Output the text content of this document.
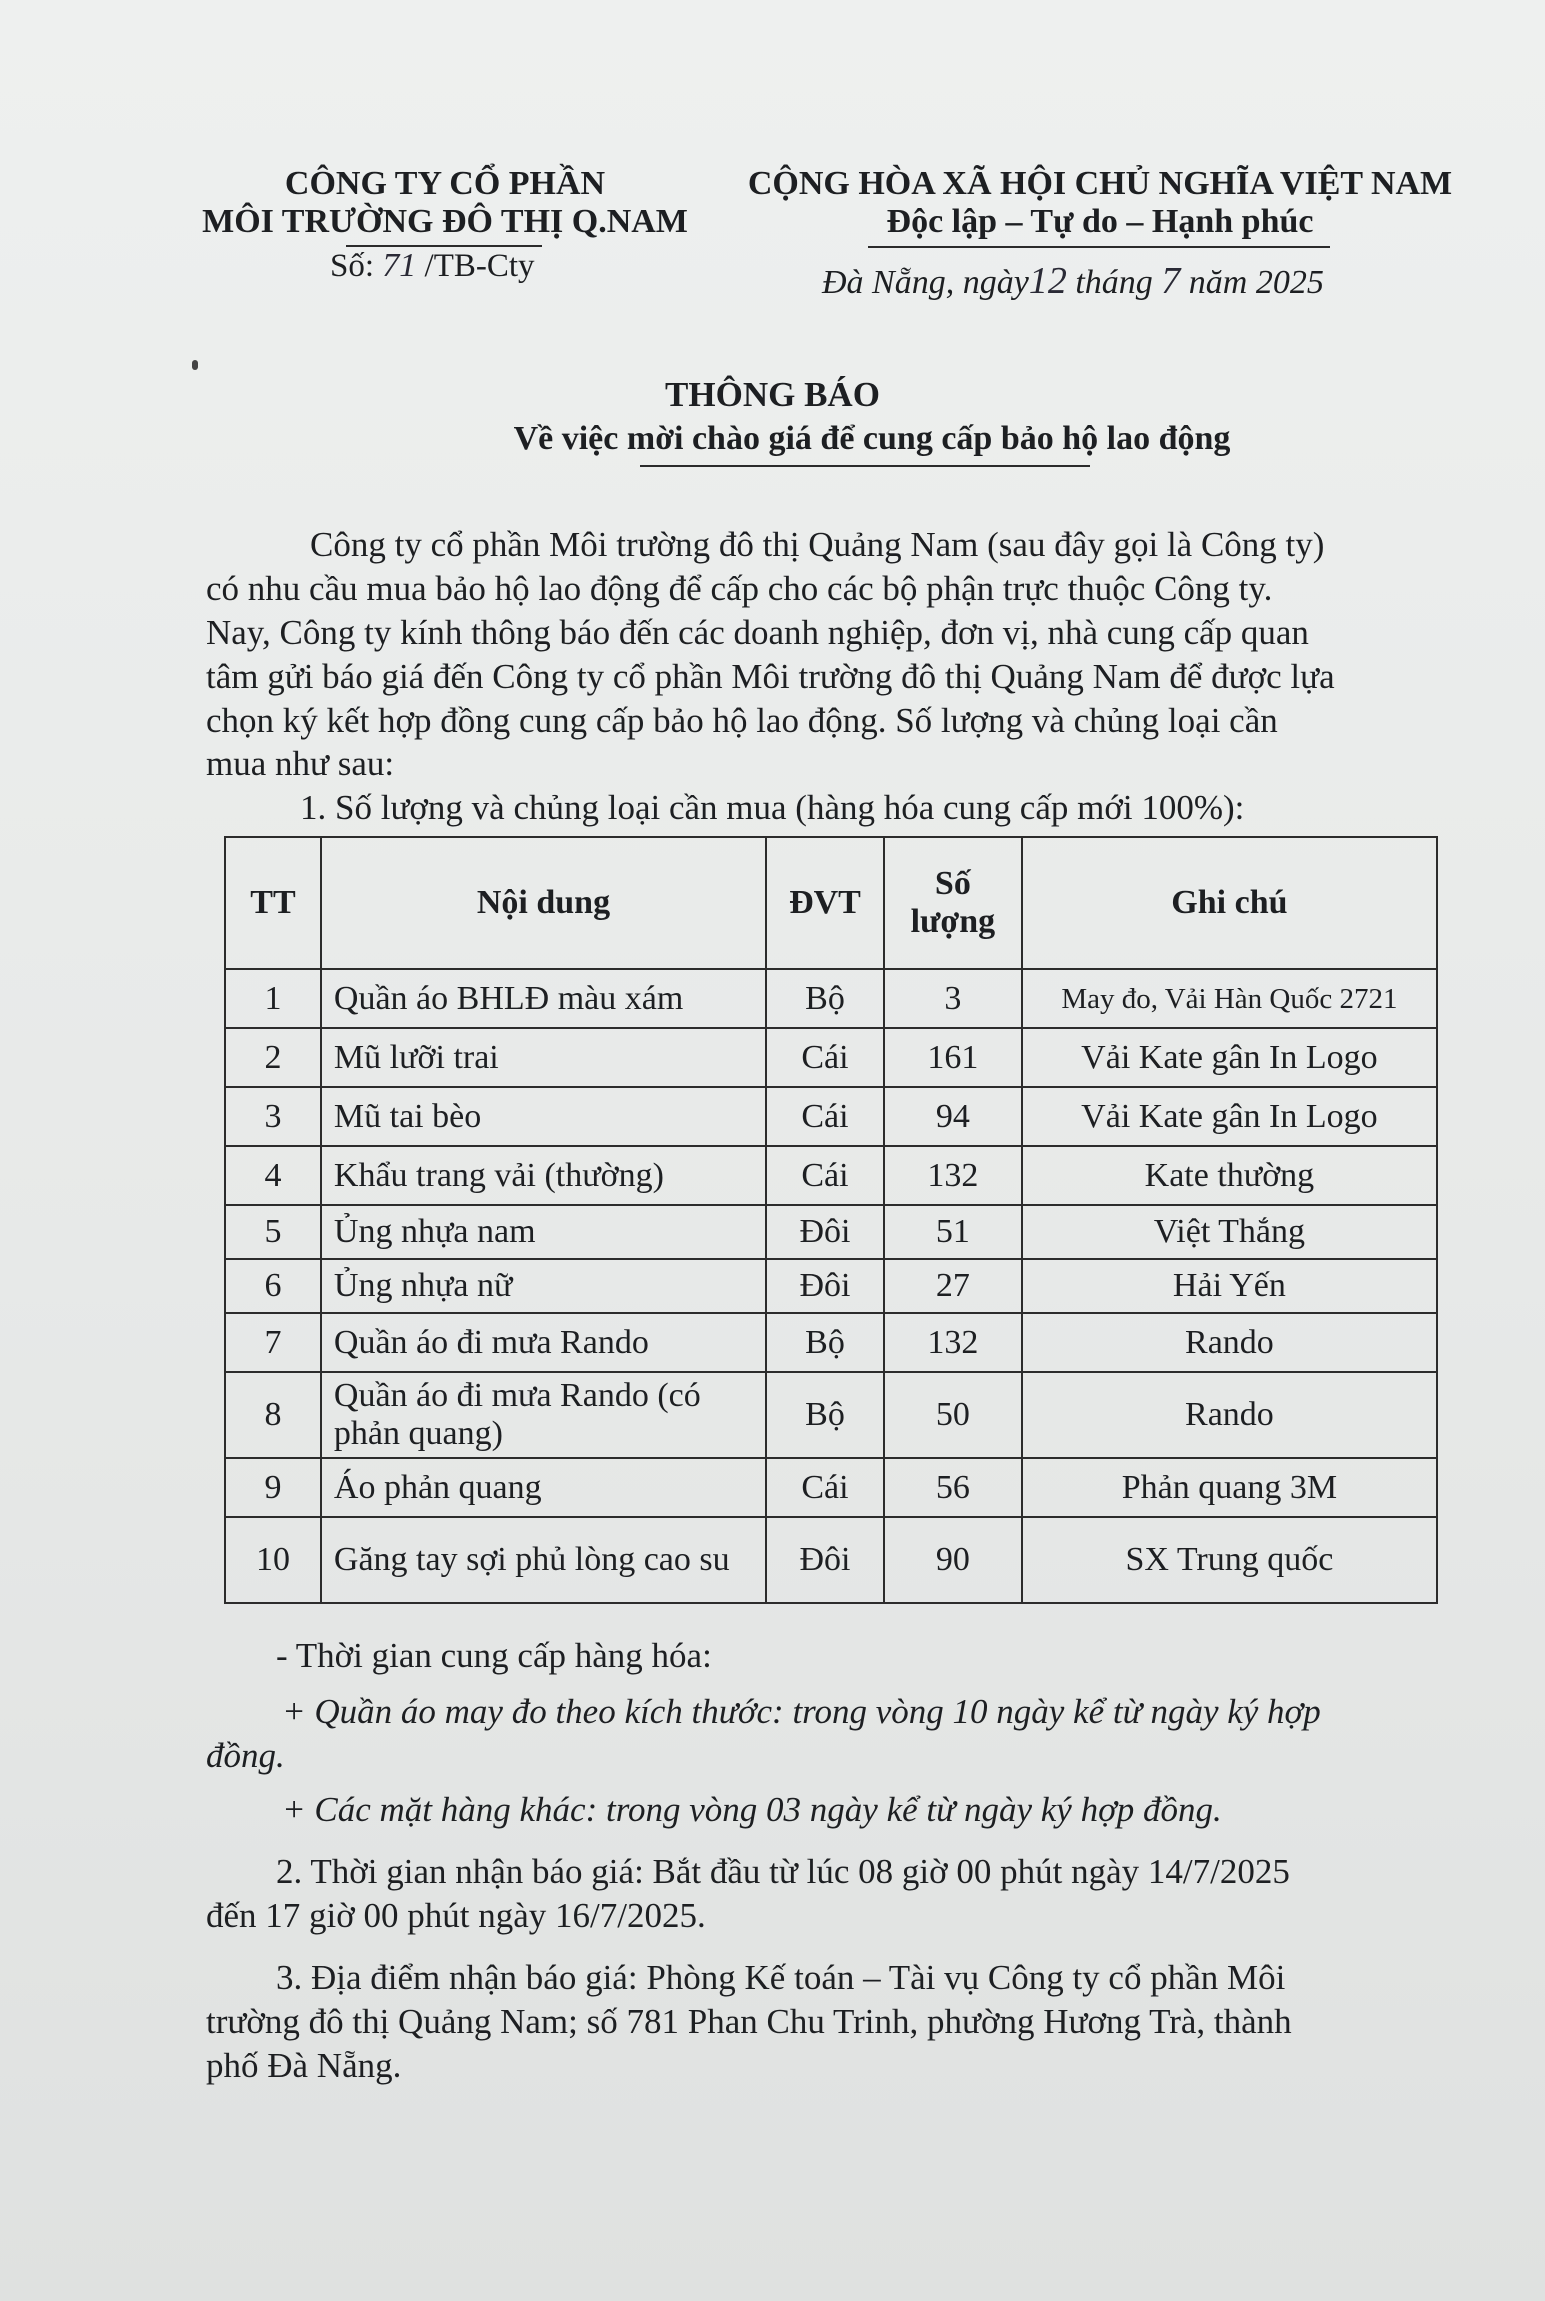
CÔNG TY CỔ PHẦN
MÔI TRƯỜNG ĐÔ THỊ Q.NAM
Số: 71 /TB-Cty
CỘNG HÒA XÃ HỘI CHỦ NGHĨA VIỆT NAM
Độc lập – Tự do – Hạnh phúc
Đà Nẵng, ngày12 tháng 7 năm 2025
THÔNG BÁO
Về việc mời chào giá để cung cấp bảo hộ lao động
Công ty cổ phần Môi trường đô thị Quảng Nam (sau đây gọi là Công ty)
có nhu cầu mua bảo hộ lao động để cấp cho các bộ phận trực thuộc Công ty.
Nay, Công ty kính thông báo đến các doanh nghiệp, đơn vị, nhà cung cấp quan
tâm gửi báo giá đến Công ty cổ phần Môi trường đô thị Quảng Nam để được lựa
chọn ký kết hợp đồng cung cấp bảo hộ lao động. Số lượng và chủng loại cần
mua như sau:
1. Số lượng và chủng loại cần mua (hàng hóa cung cấp mới 100%):
TT	Nội dung	ĐVT	Số lượng	Ghi chú
1	Quần áo BHLĐ màu xám	Bộ	3	May đo, Vải Hàn Quốc 2721
2	Mũ lưỡi trai	Cái	161	Vải Kate gân In Logo
3	Mũ tai bèo	Cái	94	Vải Kate gân In Logo
4	Khẩu trang vải (thường)	Cái	132	Kate thường
5	Ủng nhựa nam	Đôi	51	Việt Thắng
6	Ủng nhựa nữ	Đôi	27	Hải Yến
7	Quần áo đi mưa Rando	Bộ	132	Rando
8	Quần áo đi mưa Rando (có phản quang)	Bộ	50	Rando
9	Áo phản quang	Cái	56	Phản quang 3M
10	Găng tay sợi phủ lòng cao su	Đôi	90	SX Trung quốc
- Thời gian cung cấp hàng hóa:
+ Quần áo may đo theo kích thước: trong vòng 10 ngày kể từ ngày ký hợp
đồng.
+ Các mặt hàng khác: trong vòng 03 ngày kể từ ngày ký hợp đồng.
2. Thời gian nhận báo giá: Bắt đầu từ lúc 08 giờ 00 phút ngày 14/7/2025
đến 17 giờ 00 phút ngày 16/7/2025.
3. Địa điểm nhận báo giá: Phòng Kế toán – Tài vụ Công ty cổ phần Môi
trường đô thị Quảng Nam; số 781 Phan Chu Trinh, phường Hương Trà, thành
phố Đà Nẵng.
